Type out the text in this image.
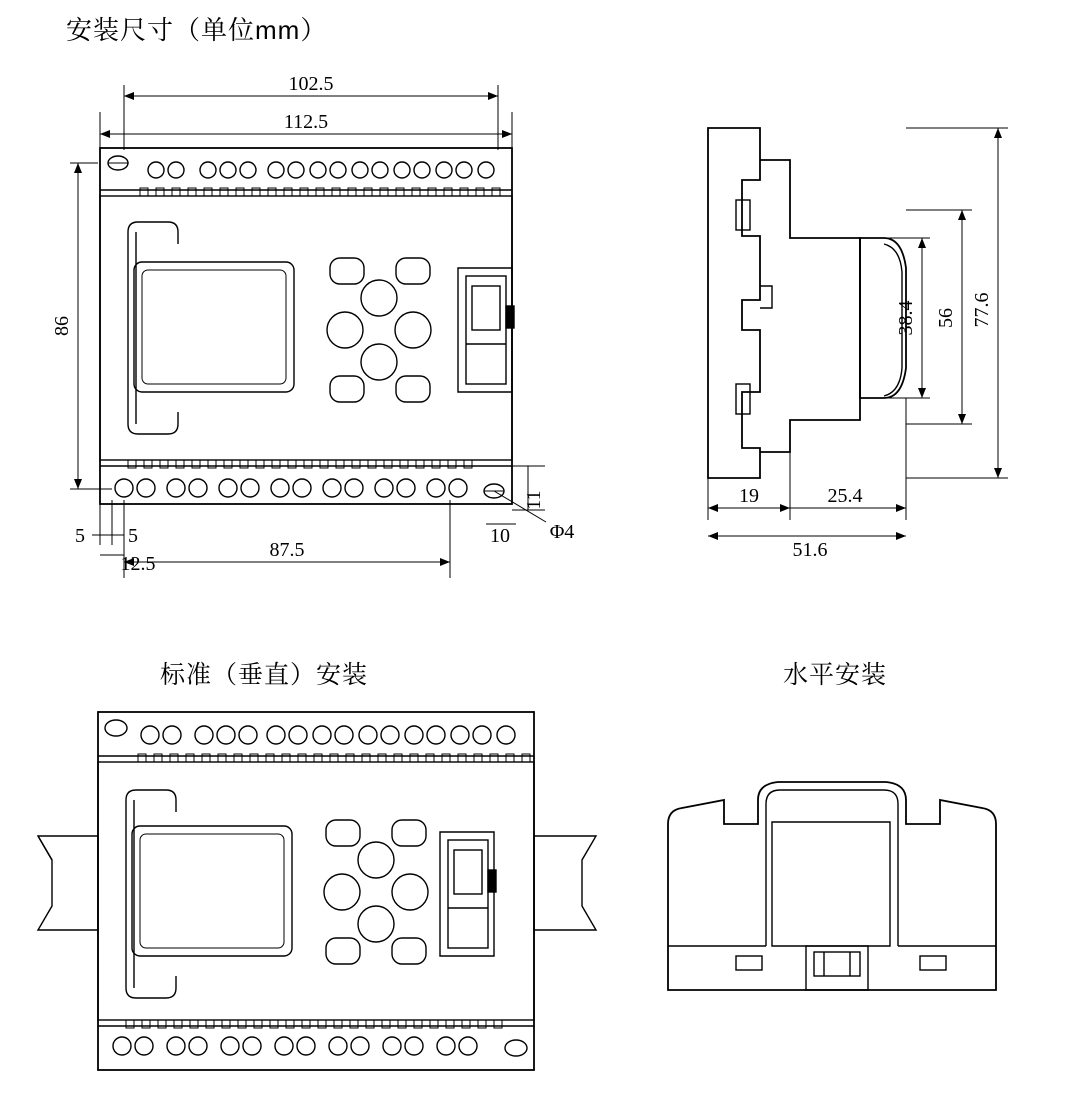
安装尺寸（单位mm）
标准（垂直）安装	水平安装
102.5
112.5
86
87.5
5 5
12.5
11
10 Φ4
38.4 56 77.6
19	25.4
51.6
